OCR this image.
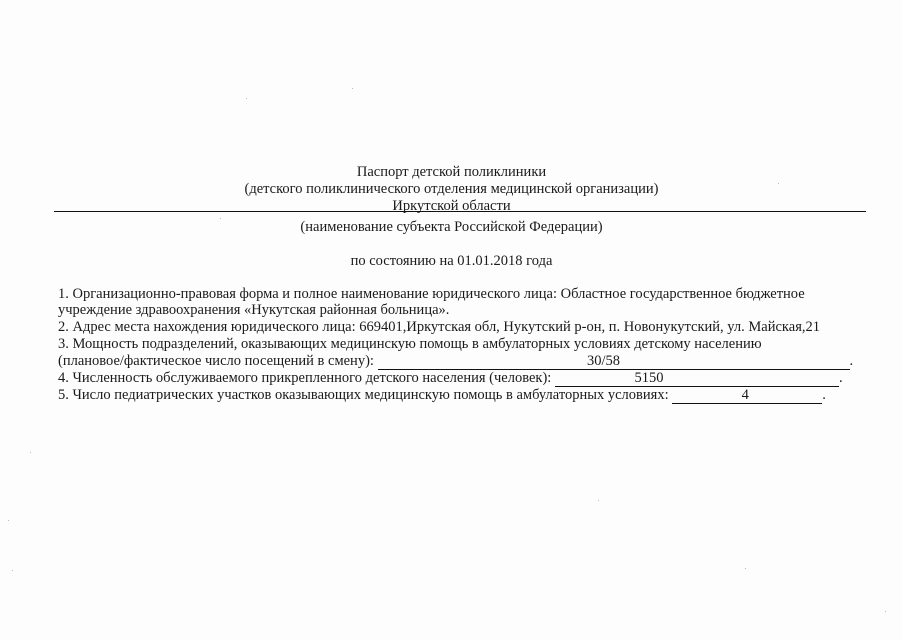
Паспорт детской поликлиники
(детского поликлинического отделения медицинской организации)
Иркутской области
(наименование субъекта Российской Федерации)
по состоянию на 01.01.2018 года
1. Организационно-правовая форма и полное наименование юридического лица: Областное государственное бюджетное
учреждение здравоохранения «Нукутская районная больница».
2. Адрес места нахождения юридического лица: 669401,Иркутская обл, Нукутский р-он, п. Новонукутский, ул. Майская,21
3. Мощность подразделений, оказывающих медицинскую помощь в амбулаторных условиях детскому населению
(плановое/фактическое число посещений в смену):	30/58	.
4. Численность обслуживаемого прикрепленного детского населения (человек):	5150	.
5. Число педиатрических участков оказывающих медицинскую помощь в амбулаторных условиях:	4	.
